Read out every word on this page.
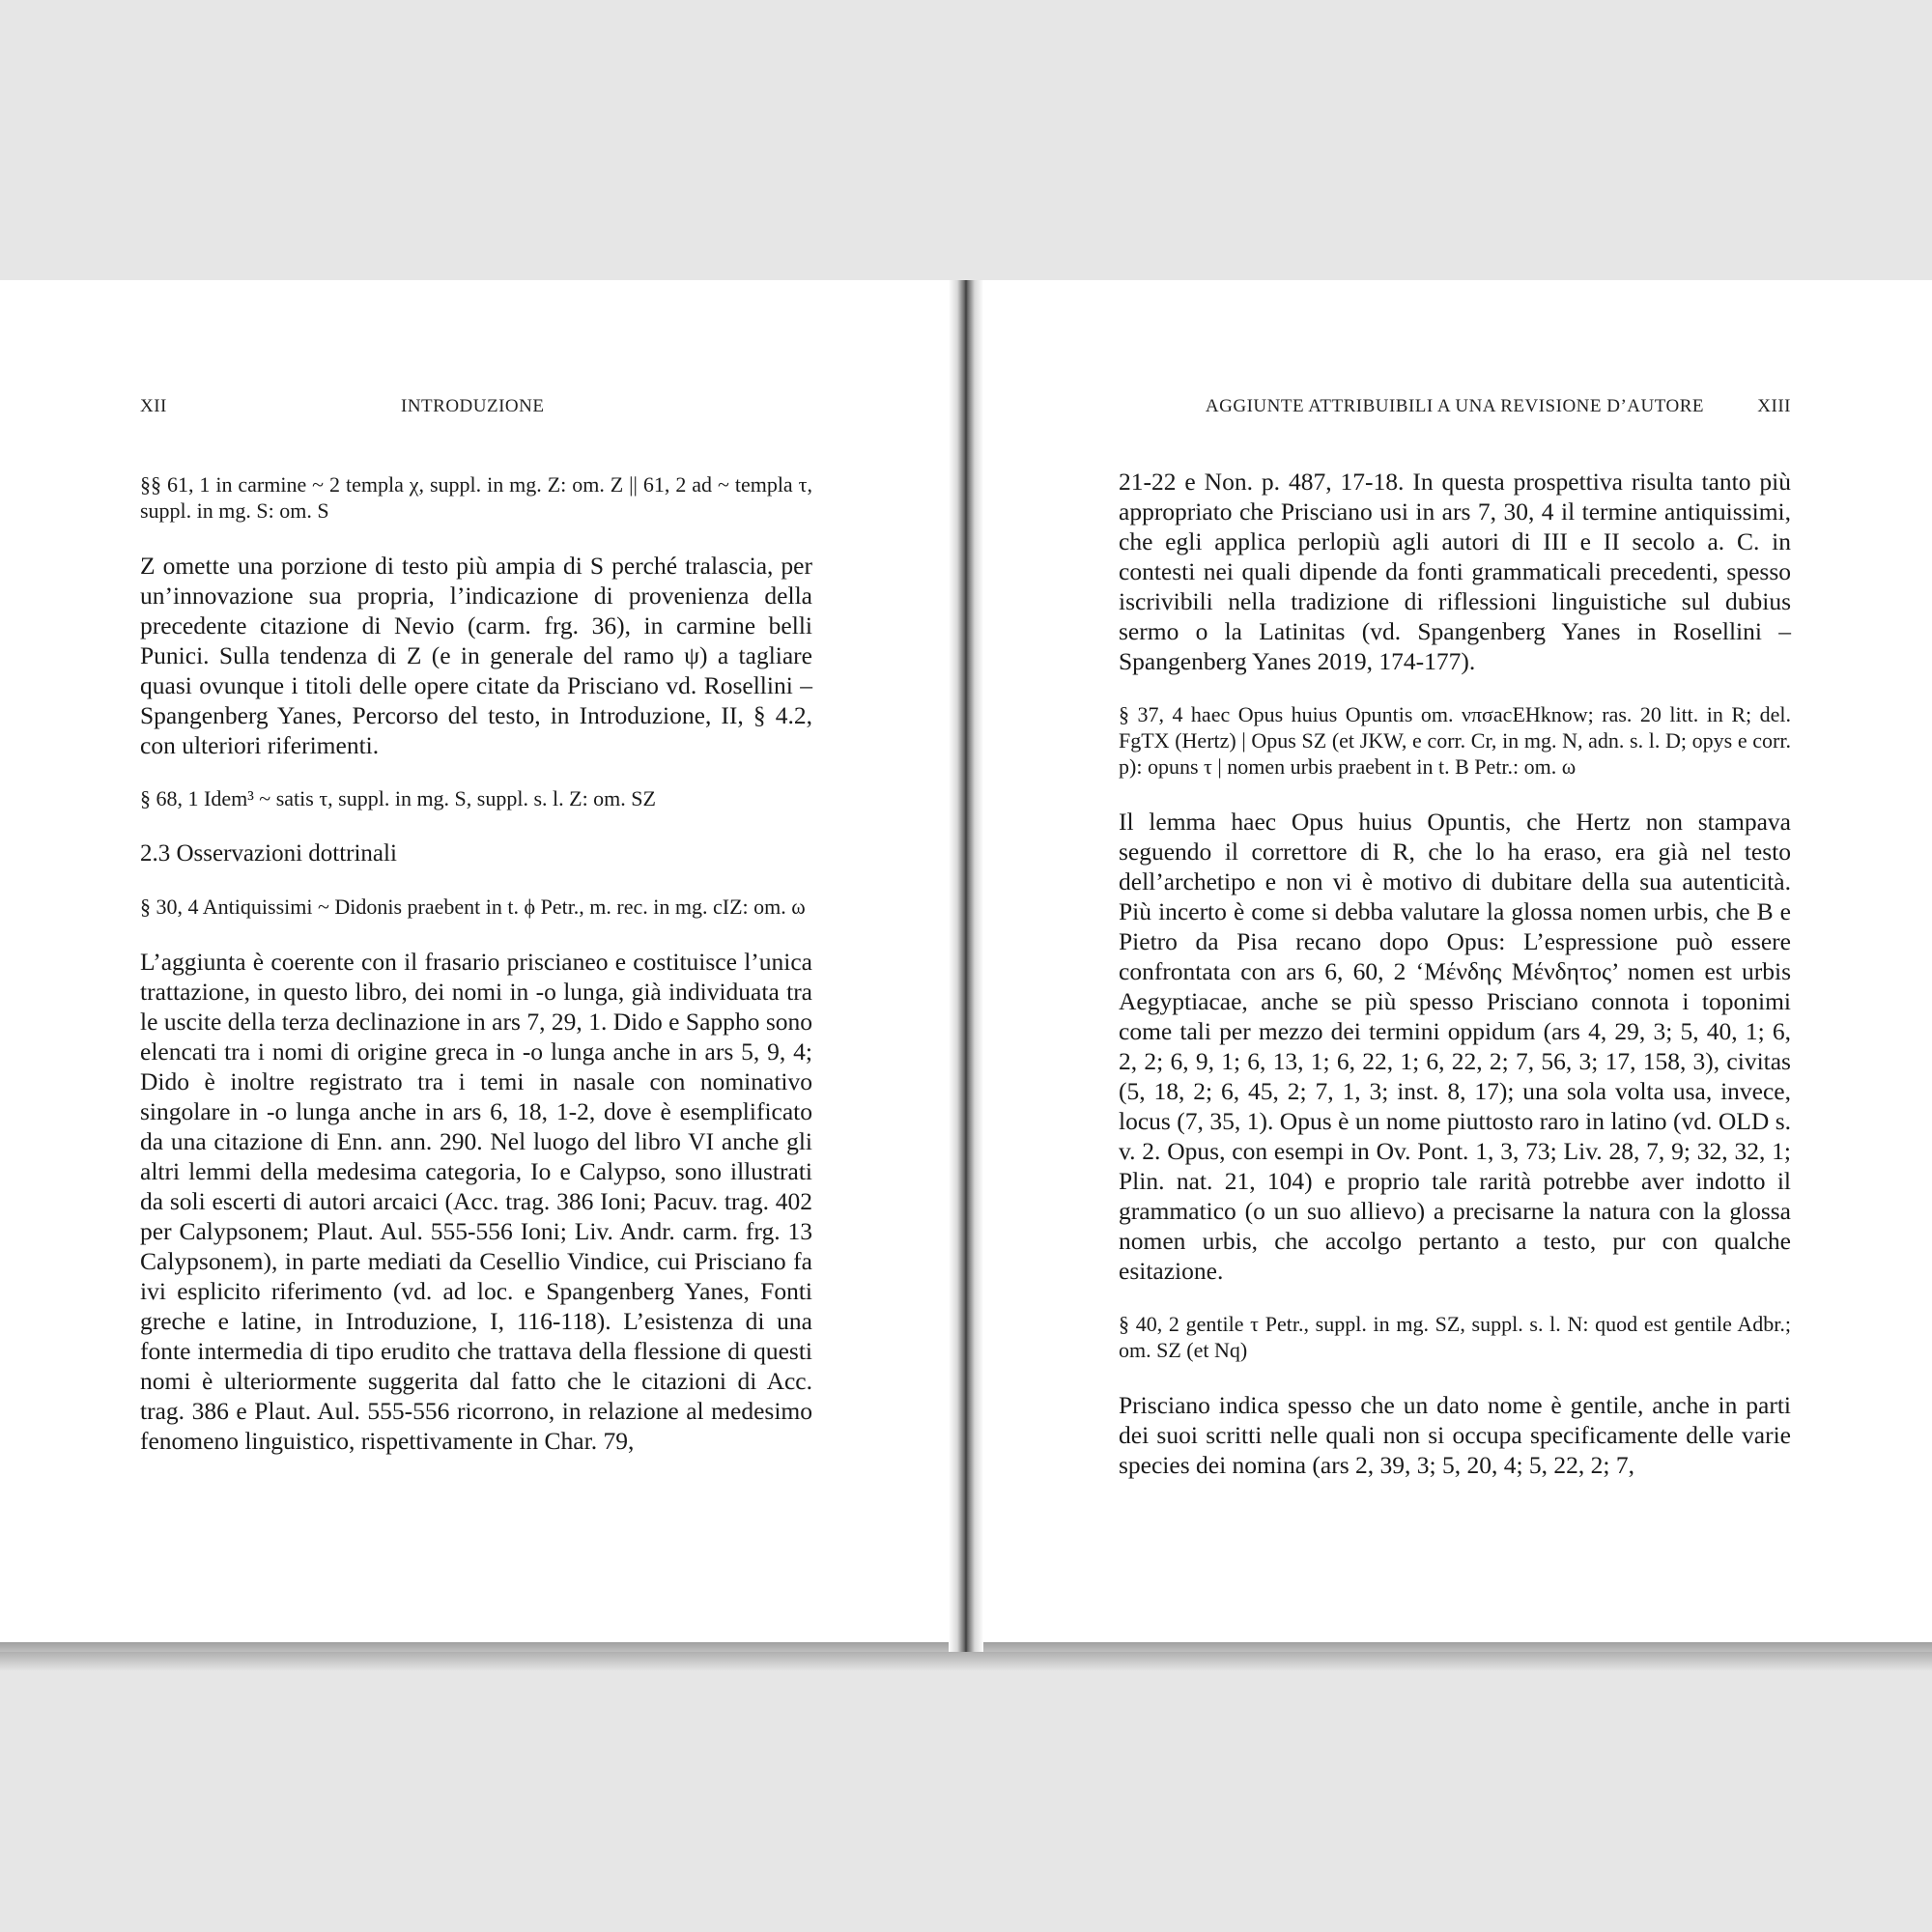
XII	INTRODUZIONE

§§ 61, 1 in carmine ~ 2 templa χ, suppl. in mg. Z: om. Z || 61, 2 ad ~ templa τ, suppl. in mg. S: om. S

Z omette una porzione di testo più ampia di S perché tralascia, per un’innovazione sua propria, l’indicazione di provenienza della precedente citazione di Nevio (carm. frg. 36), in carmine belli Punici. Sulla tendenza di Z (e in generale del ramo ψ) a tagliare quasi ovunque i titoli delle opere citate da Prisciano vd. Rosellini – Spangenberg Yanes, Percorso del testo, in Introduzione, II, § 4.2, con ulteriori riferimenti.

§ 68, 1 Idem³ ~ satis τ, suppl. in mg. S, suppl. s. l. Z: om. SZ

2.3 Osservazioni dottrinali

§ 30, 4 Antiquissimi ~ Didonis praebent in t. ϕ Petr., m. rec. in mg. cIZ: om. ω

L’aggiunta è coerente con il frasario priscianeo e costituisce l’unica trattazione, in questo libro, dei nomi in -o lunga, già individuata tra le uscite della terza declinazione in ars 7, 29, 1. Dido e Sappho sono elencati tra i nomi di origine greca in -o lunga anche in ars 5, 9, 4; Dido è inoltre registrato tra i temi in nasale con nominativo singolare in -o lunga anche in ars 6, 18, 1-2, dove è esemplificato da una citazione di Enn. ann. 290. Nel luogo del libro VI anche gli altri lemmi della medesima categoria, Io e Calypso, sono illustrati da soli escerti di autori arcaici (Acc. trag. 386 Ioni; Pacuv. trag. 402 per Calypsonem; Plaut. Aul. 555-556 Ioni; Liv. Andr. carm. frg. 13 Calypsonem), in parte mediati da Cesellio Vindice, cui Prisciano fa ivi esplicito riferimento (vd. ad loc. e Spangenberg Yanes, Fonti greche e latine, in Introduzione, I, 116-118). L’esistenza di una fonte intermedia di tipo erudito che trattava della flessione di questi nomi è ulteriormente suggerita dal fatto che le citazioni di Acc. trag. 386 e Plaut. Aul. 555-556 ricorrono, in relazione al medesimo fenomeno linguistico, rispettivamente in Char. 79,

AGGIUNTE ATTRIBUIBILI A UNA REVISIONE D’AUTORE	XIII

21-22 e Non. p. 487, 17-18. In questa prospettiva risulta tanto più appropriato che Prisciano usi in ars 7, 30, 4 il termine antiquissimi, che egli applica perlopiù agli autori di III e II secolo a. C. in contesti nei quali dipende da fonti grammaticali precedenti, spesso iscrivibili nella tradizione di riflessioni linguistiche sul dubius sermo o la Latinitas (vd. Spangenberg Yanes in Rosellini – Spangenberg Yanes 2019, 174-177).

§ 37, 4 haec Opus huius Opuntis om. νπσacEHknow; ras. 20 litt. in R; del. FgTX (Hertz) | Opus SZ (et JKW, e corr. Cr, in mg. N, adn. s. l. D; opys e corr. p): opuns τ | nomen urbis praebent in t. B Petr.: om. ω

Il lemma haec Opus huius Opuntis, che Hertz non stampava seguendo il correttore di R, che lo ha eraso, era già nel testo dell’archetipo e non vi è motivo di dubitare della sua autenticità. Più incerto è come si debba valutare la glossa nomen urbis, che B e Pietro da Pisa recano dopo Opus: L’espressione può essere confrontata con ars 6, 60, 2 ‘Μένδης Μένδητος’ nomen est urbis Aegyptiacae, anche se più spesso Prisciano connota i toponimi come tali per mezzo dei termini oppidum (ars 4, 29, 3; 5, 40, 1; 6, 2, 2; 6, 9, 1; 6, 13, 1; 6, 22, 1; 6, 22, 2; 7, 56, 3; 17, 158, 3), civitas (5, 18, 2; 6, 45, 2; 7, 1, 3; inst. 8, 17); una sola volta usa, invece, locus (7, 35, 1). Opus è un nome piuttosto raro in latino (vd. OLD s. v. 2. Opus, con esempi in Ov. Pont. 1, 3, 73; Liv. 28, 7, 9; 32, 32, 1; Plin. nat. 21, 104) e proprio tale rarità potrebbe aver indotto il grammatico (o un suo allievo) a precisarne la natura con la glossa nomen urbis, che accolgo pertanto a testo, pur con qualche esitazione.

§ 40, 2 gentile τ Petr., suppl. in mg. SZ, suppl. s. l. N: quod est gentile Adbr.; om. SZ (et Nq)

Prisciano indica spesso che un dato nome è gentile, anche in parti dei suoi scritti nelle quali non si occupa specificamente delle varie species dei nomina (ars 2, 39, 3; 5, 20, 4; 5, 22, 2; 7,
